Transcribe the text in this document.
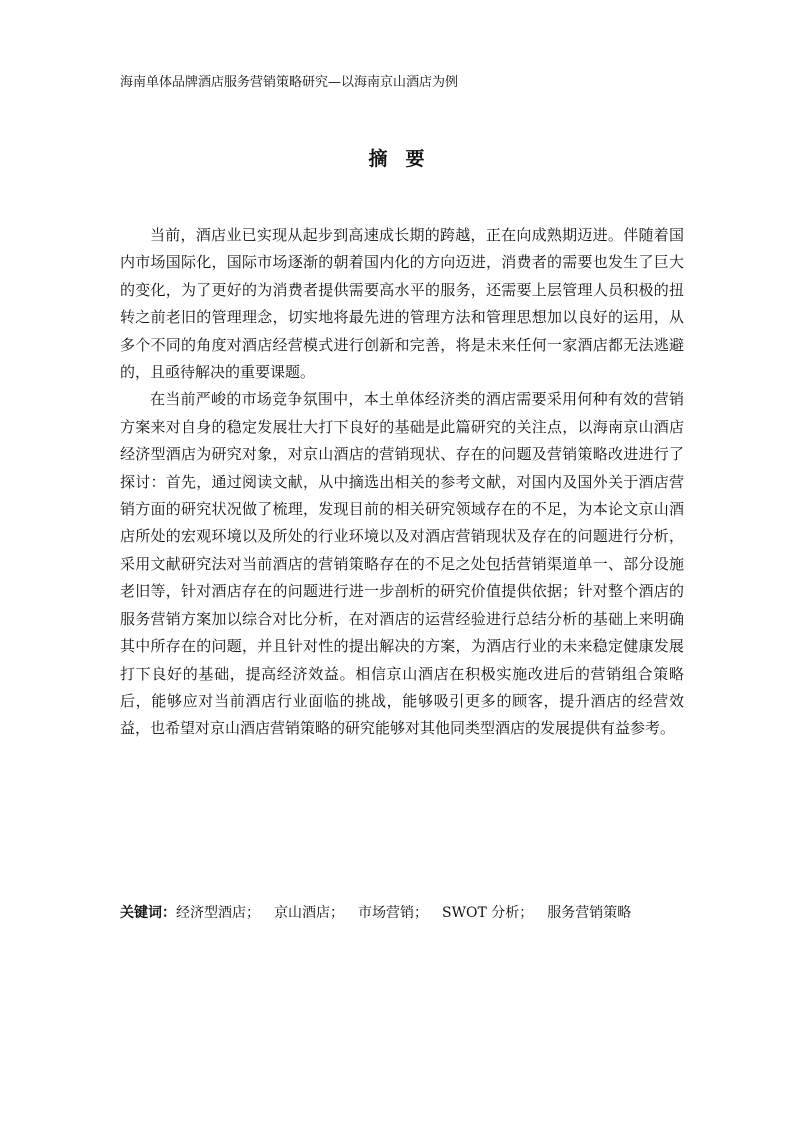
海南单体品牌酒店服务营销策略研究—以海南京山酒店为例
摘要

当前，酒店业已实现从起步到高速成长期的跨越，正在向成熟期迈进。伴随着国内市场国际化，国际市场逐渐的朝着国内化的方向迈进，消费者的需要也发生了巨大的变化，为了更好的为消费者提供需要高水平的服务，还需要上层管理人员积极的扭转之前老旧的管理理念，切实地将最先进的管理方法和管理思想加以良好的运用，从多个不同的角度对酒店经营模式进行创新和完善，将是未来任何一家酒店都无法逃避的，且亟待解决的重要课题。

在当前严峻的市场竞争氛围中，本土单体经济类的酒店需要采用何种有效的营销方案来对自身的稳定发展壮大打下良好的基础是此篇研究的关注点，以海南京山酒店经济型酒店为研究对象，对京山酒店的营销现状、存在的问题及营销策略改进进行了探讨：首先，通过阅读文献，从中摘选出相关的参考文献，对国内及国外关于酒店营销方面的研究状况做了梳理，发现目前的相关研究领域存在的不足，为本论文京山酒店所处的宏观环境以及所处的行业环境以及对酒店营销现状及存在的问题进行分析，采用文献研究法对当前酒店的营销策略存在的不足之处包括营销渠道单一、部分设施老旧等，针对酒店存在的问题进行进一步剖析的研究价值提供依据；针对整个酒店的服务营销方案加以综合对比分析，在对酒店的运营经验进行总结分析的基础上来明确其中所存在的问题，并且针对性的提出解决的方案，为酒店行业的未来稳定健康发展打下良好的基础，提高经济效益。相信京山酒店在积极实施改进后的营销组合策略后，能够应对当前酒店行业面临的挑战，能够吸引更多的顾客，提升酒店的经营效益，也希望对京山酒店营销策略的研究能够对其他同类型酒店的发展提供有益参考。

关键词：经济型酒店； 京山酒店； 市场营销； SWOT 分析； 服务营销策略
